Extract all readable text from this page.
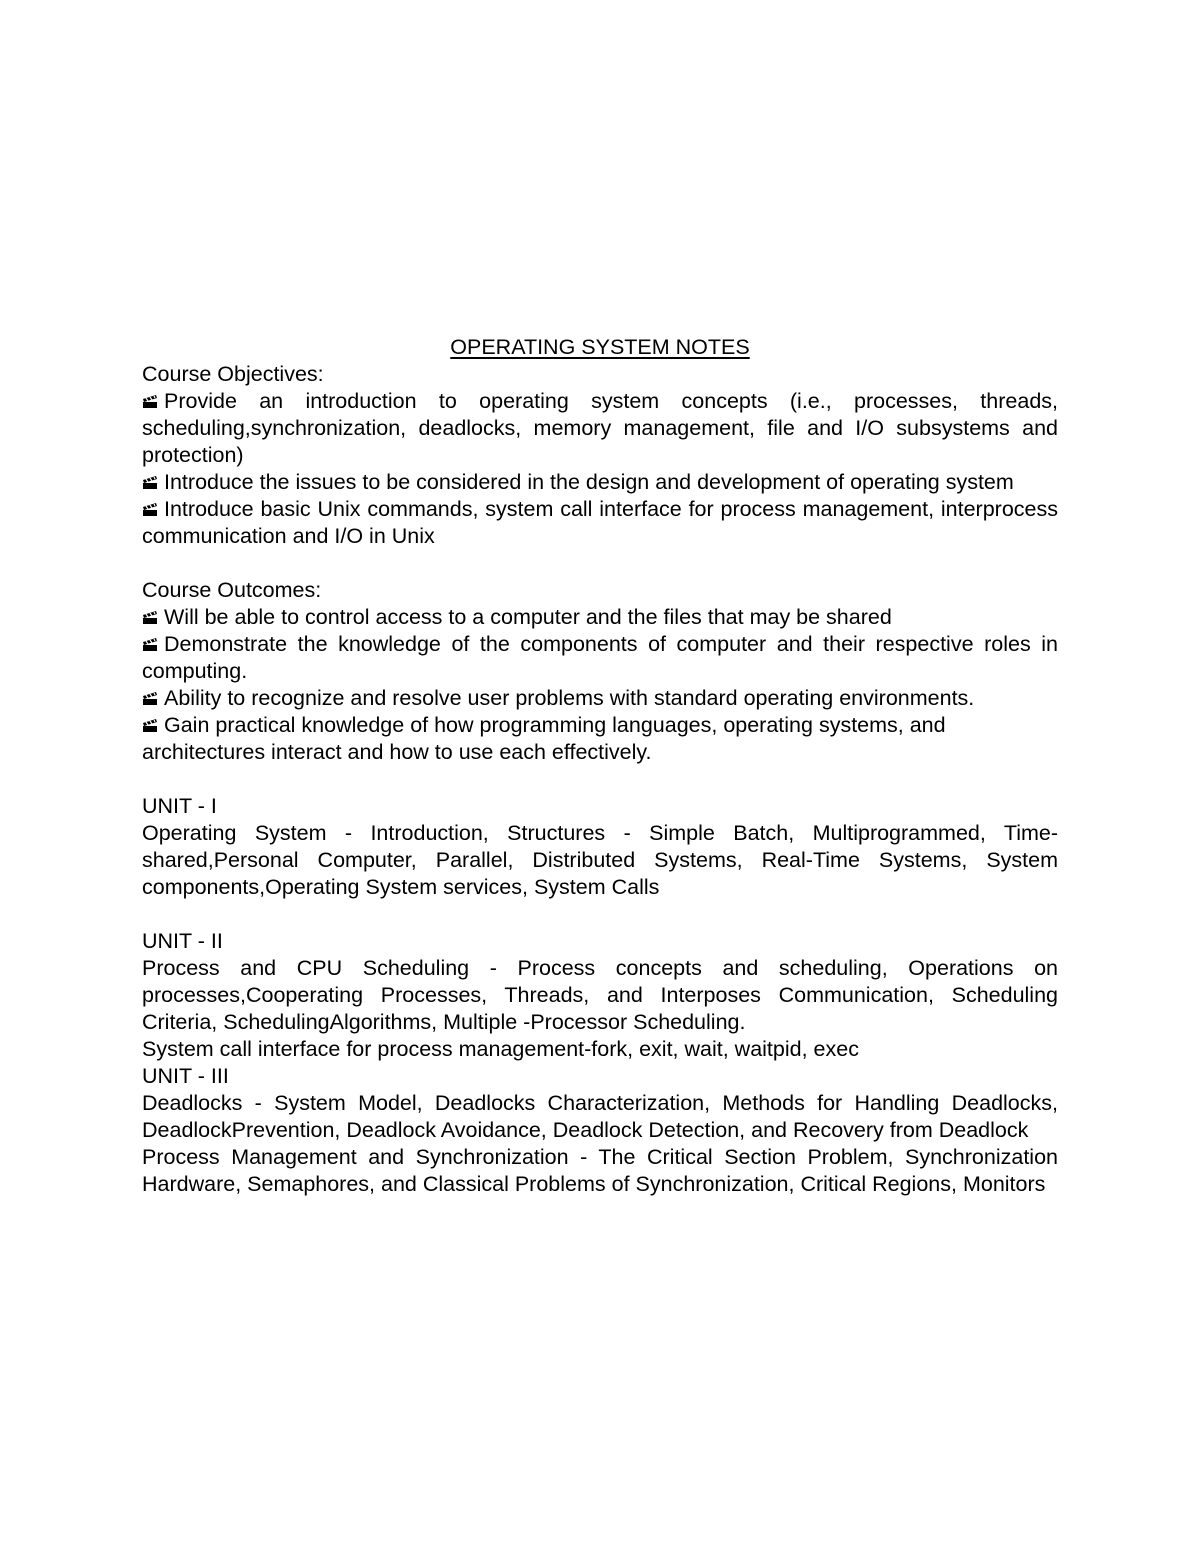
OPERATING SYSTEM NOTES
Course Objectives:
Provide an introduction to operating system concepts (i.e., processes, threads, scheduling,synchronization, deadlocks, memory management, file and I/O subsystems and protection)
Introduce the issues to be considered in the design and development of operating system
Introduce basic Unix commands, system call interface for process management, interprocess communication and I/O in Unix
Course Outcomes:
Will be able to control access to a computer and the files that may be shared
Demonstrate the knowledge of the components of computer and their respective roles in computing.
Ability to recognize and resolve user problems with standard operating environments.
Gain practical knowledge of how programming languages, operating systems, and
architectures interact and how to use each effectively.
UNIT - I
Operating System - Introduction, Structures - Simple Batch, Multiprogrammed, Time-shared,Personal Computer, Parallel, Distributed Systems, Real-Time Systems, System components,Operating System services, System Calls
UNIT - II
Process and CPU Scheduling - Process concepts and scheduling, Operations on processes,Cooperating Processes, Threads, and Interposes Communication, Scheduling Criteria, SchedulingAlgorithms, Multiple -Processor Scheduling.
System call interface for process management-fork, exit, wait, waitpid, exec
UNIT - III
Deadlocks - System Model, Deadlocks Characterization, Methods for Handling Deadlocks, DeadlockPrevention, Deadlock Avoidance, Deadlock Detection, and Recovery from Deadlock
Process Management and Synchronization - The Critical Section Problem, Synchronization Hardware, Semaphores, and Classical Problems of Synchronization, Critical Regions, Monitors
